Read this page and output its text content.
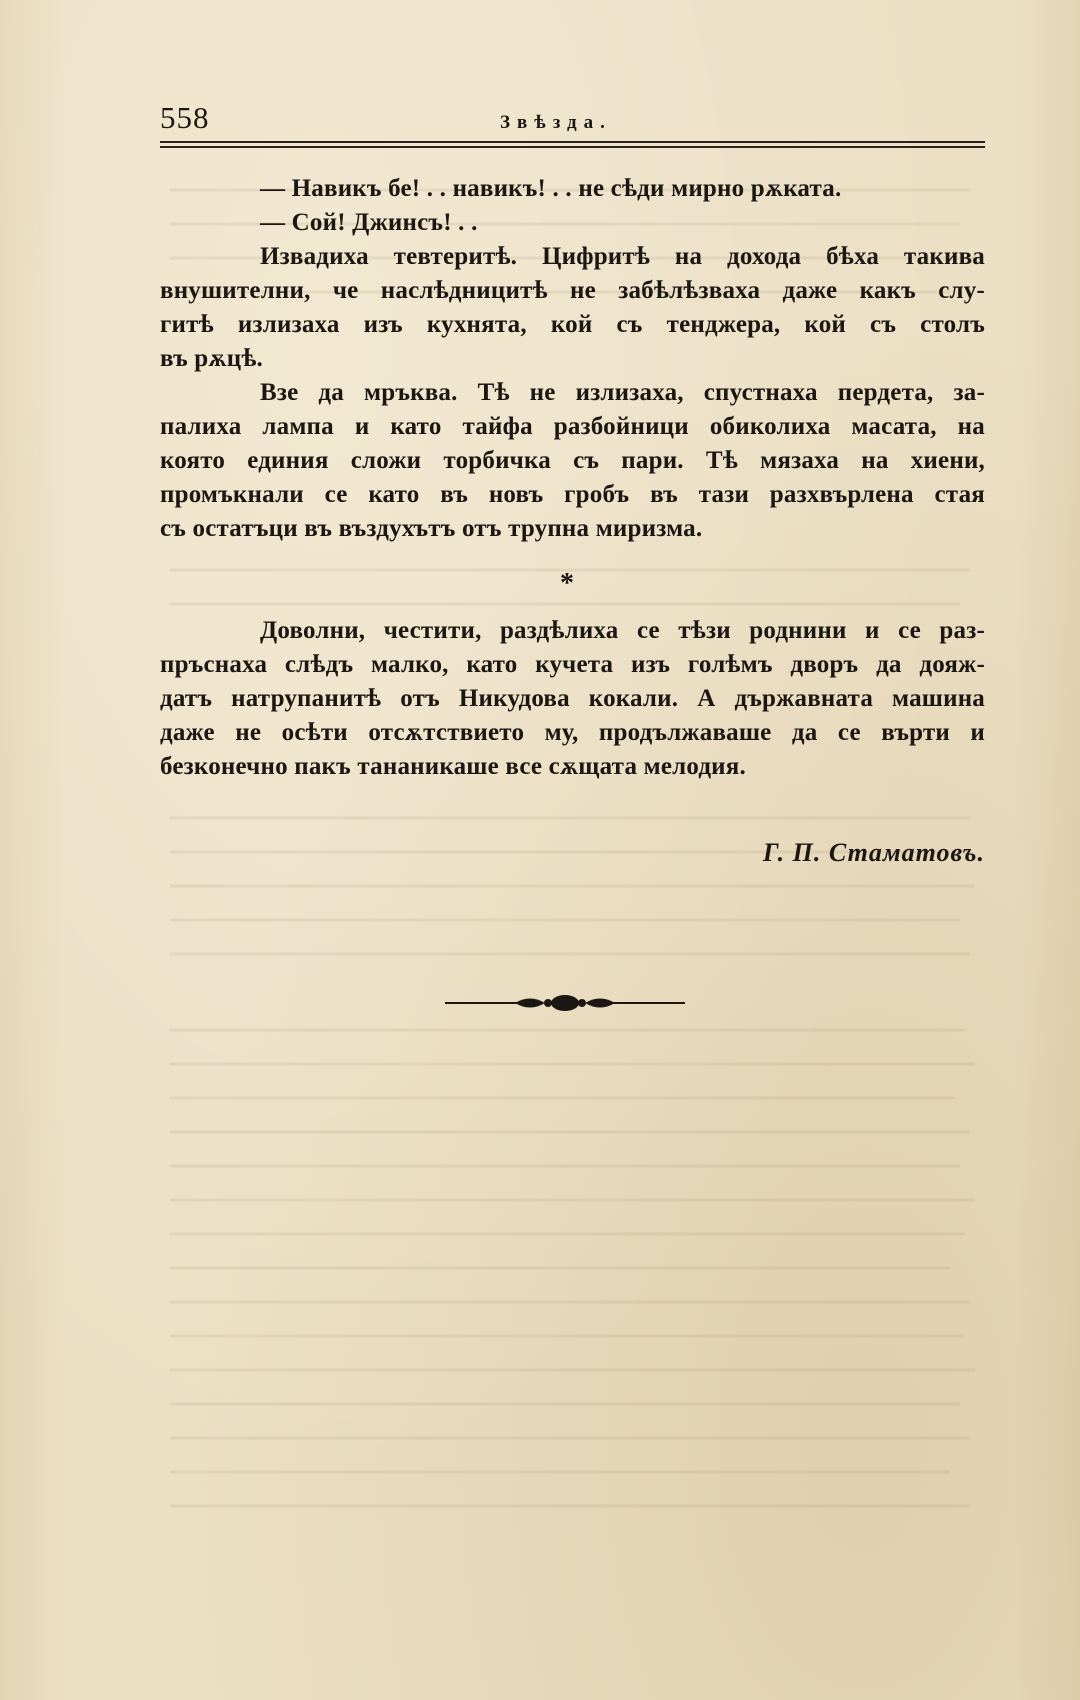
558	Звѣзда.
— Навикъ бе! . . навикъ! . . не сѣди мирно рѫката.
— Сой! Джинсъ! . .
Извадиха тевтеритѣ. Цифритѣ на дохода бѣха такива
внушителни, че наслѣдницитѣ не забѣлѣзваха даже какъ слу-
гитѣ излизаха изъ кухнята, кой съ тенджера, кой съ столъ
въ рѫцѣ.
Взе да мръква. Тѣ не излизаха, спустнаха пердета, за-
палиха лампа и като тайфа разбойници обиколиха масата, на
която единия сложи торбичка съ пари. Тѣ мязаха на хиени,
промъкнали се като въ новъ гробъ въ тази разхвърлена стая
съ остатъци въ въздухътъ отъ трупна миризма.
Доволни, честити, раздѣлиха се тѣзи роднини и се раз-
пръснаха слѣдъ малко, като кучета изъ голѣмъ дворъ да дояж-
датъ натрупанитѣ отъ Никудова кокали. А държавната машина
даже не осѣти отсѫтствието му, продължаваше да се върти и
безконечно пакъ тананикаше все сѫщата мелодия.
*
Г. П. Стаматовъ.
